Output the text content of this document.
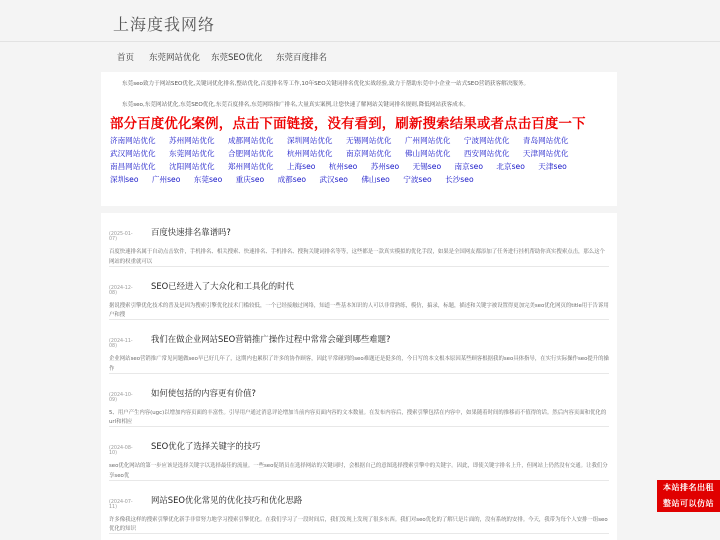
上海度我网络
首页 东莞网站优化 东莞SEO优化 东莞百度排名

东莞seo致力于网站SEO优化,关键词优化排名,整站优化,百度排名等工作,10年SEO关键词排名优化实战经验,致力于帮助东莞中小企业一站式SEO营销获客解决服务。

东莞seo,东莞网站优化,东莞SEO优化,东莞百度排名,东莞网络推广排名,大量真实案例,让您快速了解网站关键词排名规则,降低网站获客成本。

部分百度优化案例，点击下面链接，没有看到，刷新搜索结果或者点击百度一下
济南网站优化 苏州网站优化 成都网站优化 深圳网站优化 无锡网站优化 广州网站优化 宁波网站优化 青岛网站优化 武汉网站优化 东莞网站优化 合肥网站优化 杭州网站优化 南京网站优化 佛山网站优化 西安网站优化 天津网站优化 南昌网站优化 沈阳网站优化 郑州网站优化 上海seo 杭州seo 苏州seo 无锡seo 南京seo 北京seo 天津seo 深圳seo 广州seo 东莞seo 重庆seo 成都seo 武汉seo 佛山seo 宁波seo 长沙seo
(2025-01-07)
百度快速排名靠谱吗?
百度快速排名属于自动点击软件，手机排名、相关搜索、快速排名、手机排名、搜狗关键词排名等等，这些都是一款真实模拟的优化手段，如果是全国网友都添加了任务进行挂机帮助你真实搜索点击，那么这个网站的权重就可以
(2024-12-08)
SEO已经进入了大众化和工具化的时代
据说搜索引擎优化技术的普及是因为搜索引擎优化技术门槛较低，一个已经接触过网络，知道一些基本知识的人可以非常熟练，模仿，搞录，标题，描述和关键字被设置得更加完美seo优化网页的title用于告诉用户和搜
(2024-11-08)
我们在做企业网站SEO营销推广操作过程中常常会碰到哪些难题?
企业网站seo营销推广常见问题做seo早已好几年了，这期内也累积了许多的协作顾客，因此平常碰到的seo难题还是挺多的，今日写的本文根本原因某些顾客根据我的seo具体指导，在实行实际操作seo提升的操作
(2024-10-09)
如何使包括的内容更有价值?
5、用户产生内容(ugc)以增加内容页面的丰富性。引导用户通过消息评论增加当前内容页面内容的文本数量。在发布内容后，搜索引擎包括在内容中，如果随着时间的推移而不值得的话。然后内容页面和优化的url和相应
(2024-08-10)
SEO优化了选择关键字的技巧
seo优化网站的第一步应该是选择关键字以选择最佳的流量。一些seo促销员在选择网站的关键词时，会根据自己的意图选择搜索引擎中的关键字。因此，即使关键字排名上升，但网站上仍然没有交通。让我们分享seo优
(2024-07-11)
网站SEO优化常见的优化技巧和优化思路
许多像我这样的搜索引擎优化新手非常努力地学习搜索引擎优化。在我们学习了一段时间后，我们发现上发现了很多东西。我们对seo优化的了解只是片面的，没有系统的安排。今天，我带为每个人安排一组seo优化的知识
本站排名出租
整站可以仿站
